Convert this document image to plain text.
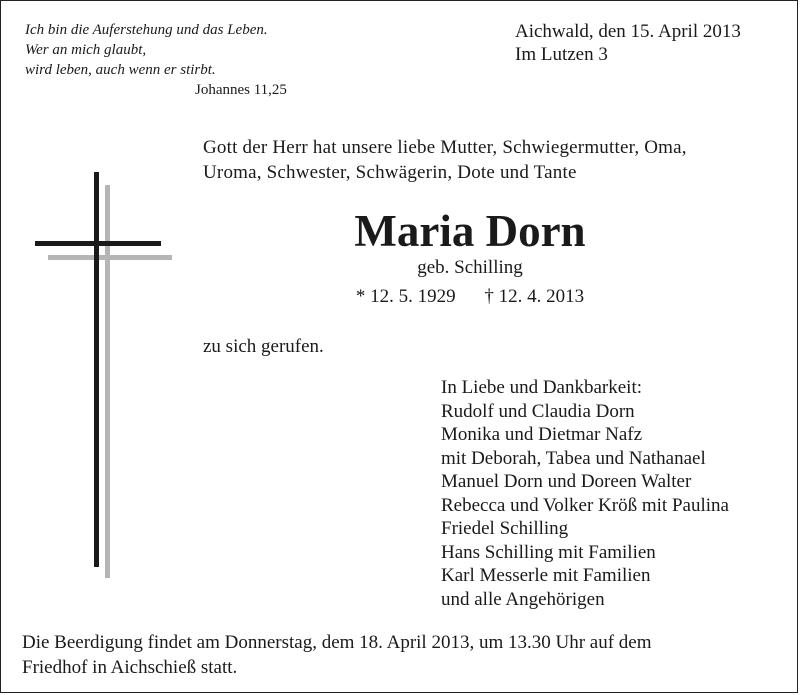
Ich bin die Auferstehung und das Leben.
Wer an mich glaubt,
wird leben, auch wenn er stirbt.
Johannes 11,25
Aichwald, den 15. April 2013
Im Lutzen 3
Gott der Herr hat unsere liebe Mutter, Schwiegermutter, Oma,
Uroma, Schwester, Schwägerin, Dote und Tante
Maria Dorn
geb. Schilling
* 12. 5. 1929 † 12. 4. 2013
zu sich gerufen.
In Liebe und Dankbarkeit:
Rudolf und Claudia Dorn
Monika und Dietmar Nafz
mit Deborah, Tabea und Nathanael
Manuel Dorn und Doreen Walter
Rebecca und Volker Kröß mit Paulina
Friedel Schilling
Hans Schilling mit Familien
Karl Messerle mit Familien
und alle Angehörigen
Die Beerdigung findet am Donnerstag, dem 18. April 2013, um 13.30 Uhr auf dem
Friedhof in Aichschieß statt.
